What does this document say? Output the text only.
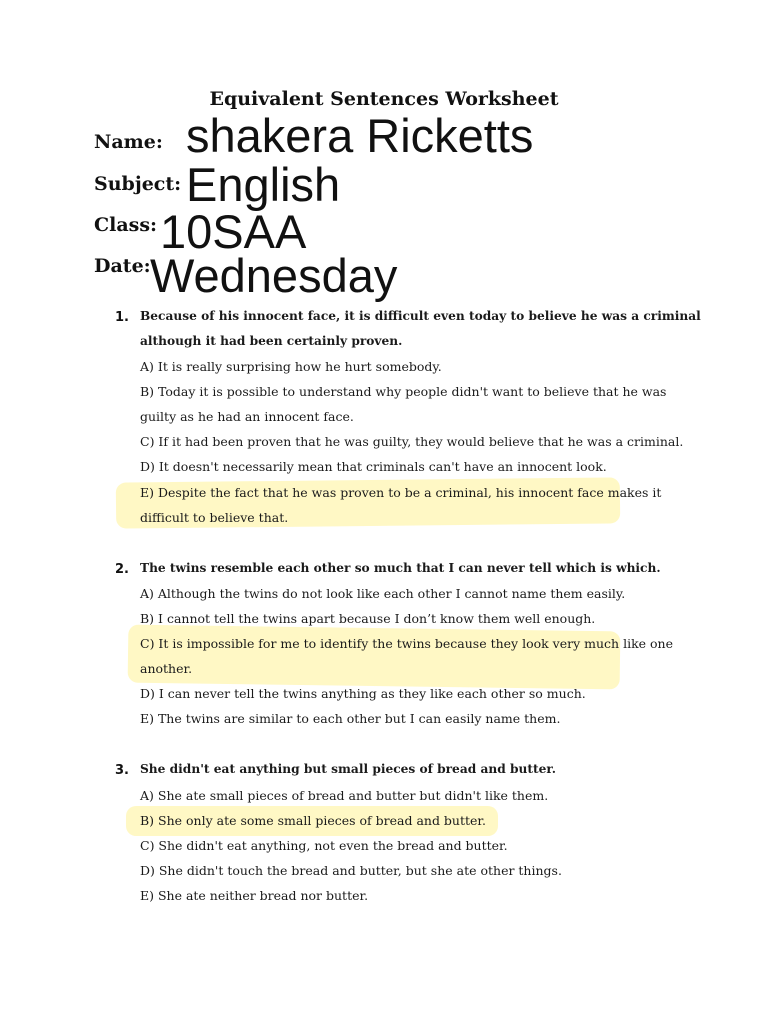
Equivalent Sentences Worksheet
Name: shakera Ricketts
Subject: English
Class: 10SAA
Date: Wednesday
1. Because of his innocent face, it is difficult even today to believe he was a criminal
although it had been certainly proven.
A) It is really surprising how he hurt somebody.
B) Today it is possible to understand why people didn't want to believe that he was
guilty as he had an innocent face.
C) If it had been proven that he was guilty, they would believe that he was a criminal.
D) It doesn't necessarily mean that criminals can't have an innocent look.
E) Despite the fact that he was proven to be a criminal, his innocent face makes it
difficult to believe that.
2. The twins resemble each other so much that I can never tell which is which.
A) Although the twins do not look like each other I cannot name them easily.
B) I cannot tell the twins apart because I don’t know them well enough.
C) It is impossible for me to identify the twins because they look very much like one
another.
D) I can never tell the twins anything as they like each other so much.
E) The twins are similar to each other but I can easily name them.
3. She didn't eat anything but small pieces of bread and butter.
A) She ate small pieces of bread and butter but didn't like them.
B) She only ate some small pieces of bread and butter.
C) She didn't eat anything, not even the bread and butter.
D) She didn't touch the bread and butter, but she ate other things.
E) She ate neither bread nor butter.
